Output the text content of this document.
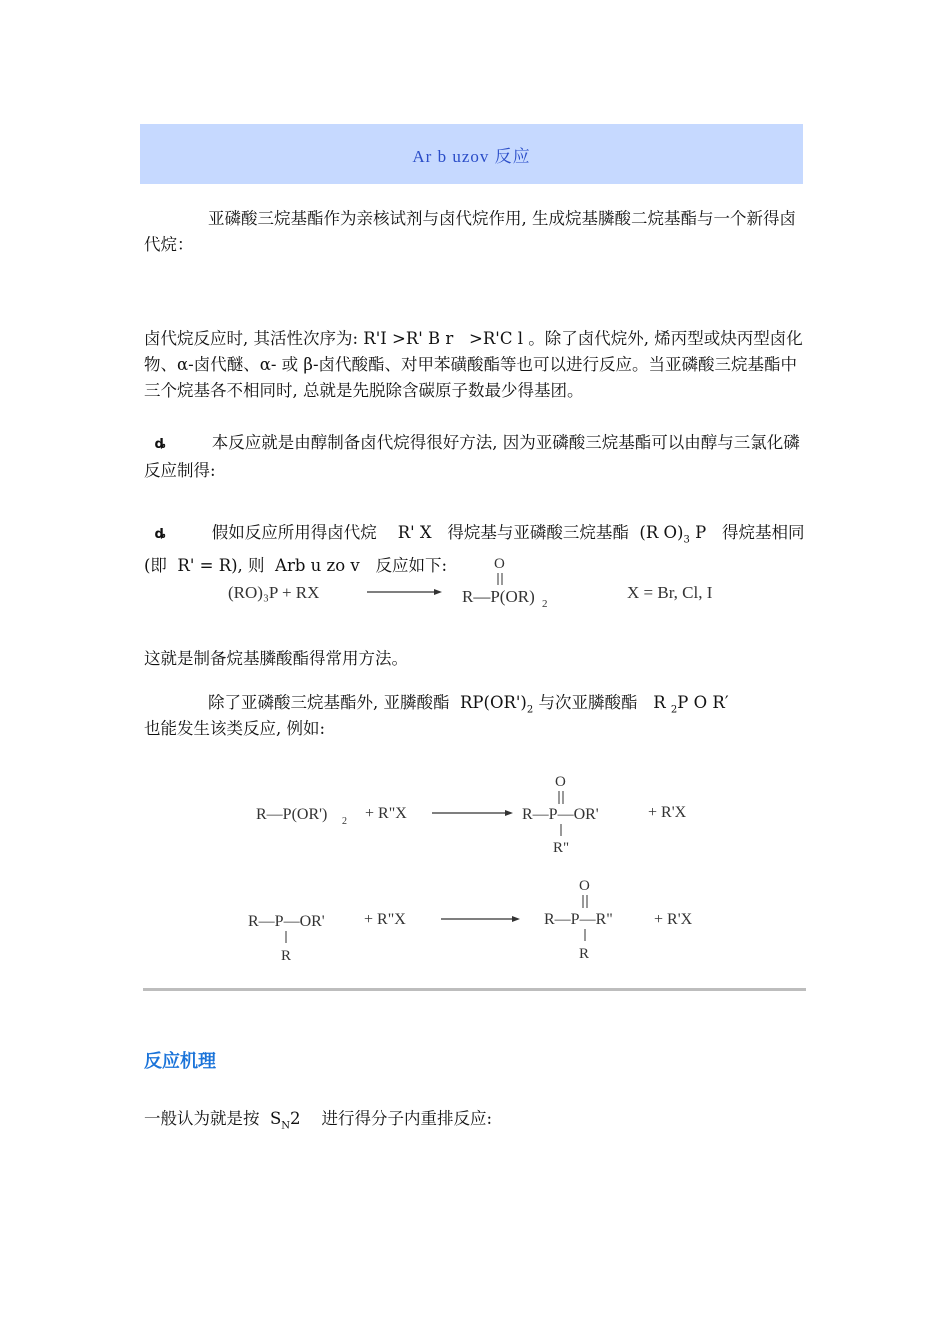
Ar b uzov 反应
亚磷酸三烷基酯作为亲核试剂与卤代烷作用, 生成烷基膦酸二烷基酯与一个新得卤代烷：
卤代烷反应时, 其活性次序为: R'I >R' B r   >R'C l 。除了卤代烷外, 烯丙型或炔丙型卤化物、α-卤代醚、α- 或 β-卤代酸酯、对甲苯磺酸酯等也可以进行反应。当亚磷酸三烷基酯中三个烷基各不相同时, 总就是先脱除含碳原子数最少得基团。

ȡ	本反应就是由醇制备卤代烷得很好方法, 因为亚磷酸三烷基酯可以由醇与三氯化磷反应制得:

ȡ	假如反应所用得卤代烷    R' X   得烷基与亚磷酸三烷基酯  (R $O)_3$ P   得烷基相同(即  R' = R), 则  Arb u zo v   反应如下:

(RO)₃P + RX
O
R—P(OR) 2
X = Br, Cl, I
这就是制备烷基膦酸酯得常用方法。
除了亚磷酸三烷基酯外, 亚膦酸酯  $RP(OR')_2$ 与次亚膦酸酯   R $_2$P O R′
也能发生该类反应, 例如:
R—P(OR') 2 + R"X
O
R—P—OR'
R"
+ R'X
R—P—OR'
R
+ R"X
O
R—P—R"
R
+ R'X
反应机理
一般认为就是按  $S_N2$    进行得分子内重排反应:
